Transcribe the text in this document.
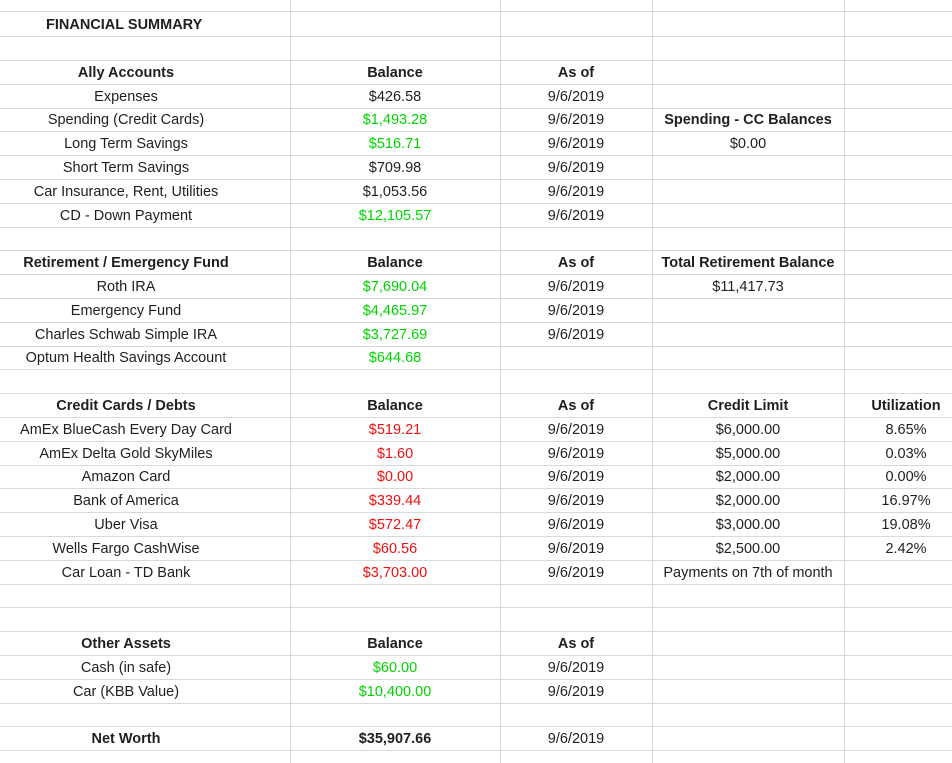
FINANCIAL SUMMARY
Ally Accounts	Balance	As of
Expenses	$426.58	9/6/2019
Spending (Credit Cards)	$1,493.28	9/6/2019	Spending - CC Balances
Long Term Savings	$516.71	9/6/2019	$0.00
Short Term Savings	$709.98	9/6/2019
Car Insurance, Rent, Utilities	$1,053.56	9/6/2019
CD - Down Payment	$12,105.57	9/6/2019
Retirement / Emergency Fund	Balance	As of	Total Retirement Balance
Roth IRA	$7,690.04	9/6/2019	$11,417.73
Emergency Fund	$4,465.97	9/6/2019
Charles Schwab Simple IRA	$3,727.69	9/6/2019
Optum Health Savings Account	$644.68
Credit Cards / Debts	Balance	As of	Credit Limit	Utilization
AmEx BlueCash Every Day Card	$519.21	9/6/2019	$6,000.00	8.65%
AmEx Delta Gold SkyMiles	$1.60	9/6/2019	$5,000.00	0.03%
Amazon Card	$0.00	9/6/2019	$2,000.00	0.00%
Bank of America	$339.44	9/6/2019	$2,000.00	16.97%
Uber Visa	$572.47	9/6/2019	$3,000.00	19.08%
Wells Fargo CashWise	$60.56	9/6/2019	$2,500.00	2.42%
Car Loan - TD Bank	$3,703.00	9/6/2019	Payments on 7th of month
Other Assets	Balance	As of
Cash (in safe)	$60.00	9/6/2019
Car (KBB Value)	$10,400.00	9/6/2019
Net Worth	$35,907.66	9/6/2019
